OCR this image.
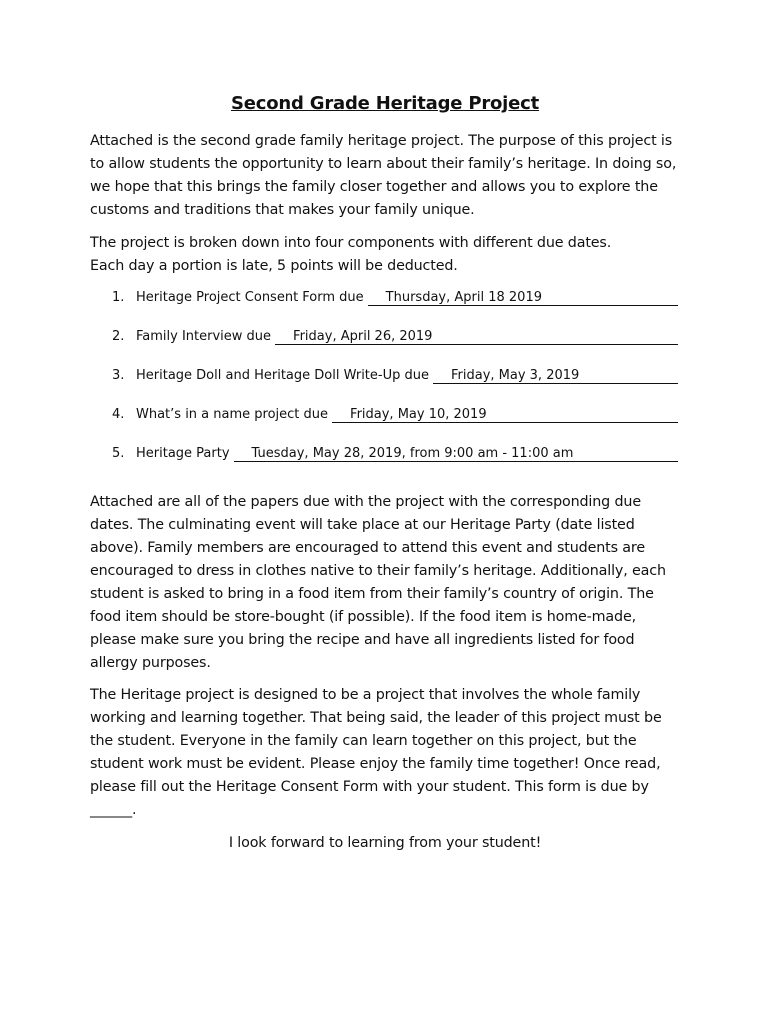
Second Grade Heritage Project
Attached is the second grade family heritage project. The purpose of this project is to allow students the opportunity to learn about their family’s heritage. In doing so, we hope that this brings the family closer together and allows you to explore the customs and traditions that makes your family unique.
The project is broken down into four components with different due dates.
Each day a portion is late, 5 points will be deducted.
1. Heritage Project Consent Form due	Thursday, April 18 2019
2. Family Interview due	Friday, April 26, 2019
3. Heritage Doll and Heritage Doll Write-Up due	Friday, May 3, 2019
4. What’s in a name project due	Friday, May 10, 2019
5. Heritage Party	Tuesday, May 28, 2019, from 9:00 am - 11:00 am
Attached are all of the papers due with the project with the corresponding due dates. The culminating event will take place at our Heritage Party (date listed above). Family members are encouraged to attend this event and students are encouraged to dress in clothes native to their family’s heritage. Additionally, each student is asked to bring in a food item from their family’s country of origin. The food item should be store-bought (if possible). If the food item is home-made, please make sure you bring the recipe and have all ingredients listed for food allergy purposes.
The Heritage project is designed to be a project that involves the whole family working and learning together. That being said, the leader of this project must be the student. Everyone in the family can learn together on this project, but the student work must be evident. Please enjoy the family time together! Once read, please fill out the Heritage Consent Form with your student. This form is due by ______.
I look forward to learning from your student!
